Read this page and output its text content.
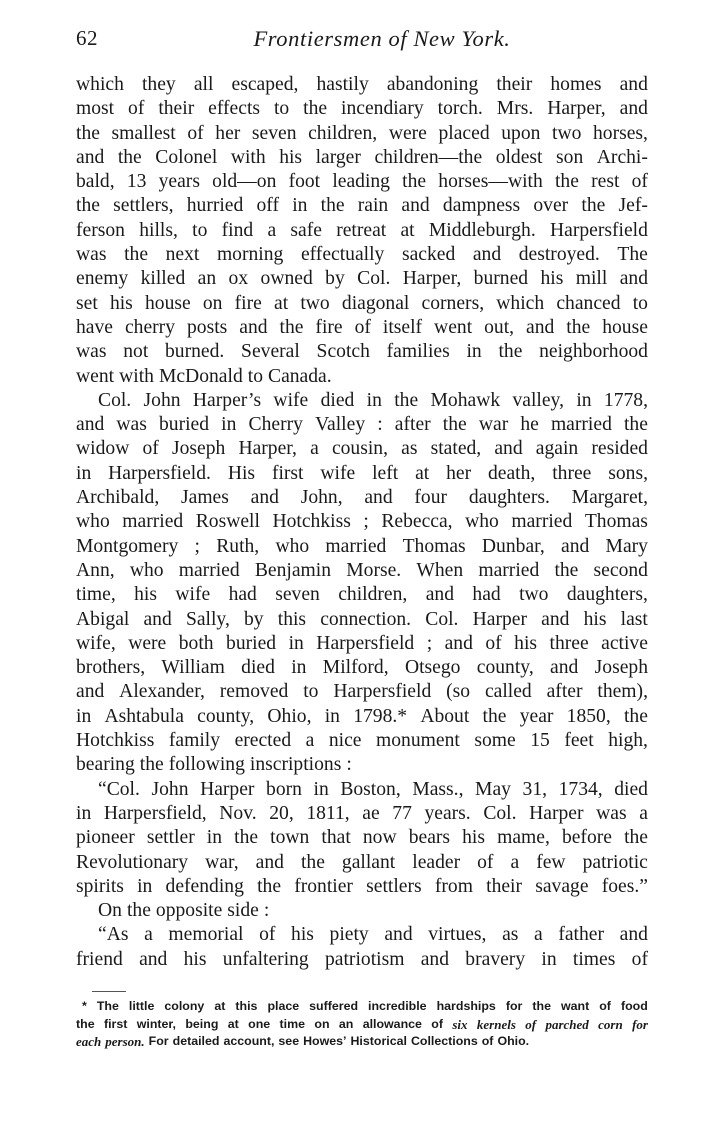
62	Frontiersmen of New York.
which they all escaped, hastily abandoning their homes and
most of their effects to the incendiary torch. Mrs. Harper, and
the smallest of her seven children, were placed upon two horses,
and the Colonel with his larger children—the oldest son Archi-
bald, 13 years old—on foot leading the horses—with the rest of
the settlers, hurried off in the rain and dampness over the Jef-
ferson hills, to find a safe retreat at Middleburgh. Harpersfield
was the next morning effectually sacked and destroyed. The
enemy killed an ox owned by Col. Harper, burned his mill and
set his house on fire at two diagonal corners, which chanced to
have cherry posts and the fire of itself went out, and the house
was not burned. Several Scotch families in the neighborhood
went with McDonald to Canada.
Col. John Harper’s wife died in the Mohawk valley, in 1778,
and was buried in Cherry Valley : after the war he married the
widow of Joseph Harper, a cousin, as stated, and again resided
in Harpersfield. His first wife left at her death, three sons,
Archibald, James and John, and four daughters. Margaret,
who married Roswell Hotchkiss ; Rebecca, who married Thomas
Montgomery ; Ruth, who married Thomas Dunbar, and Mary
Ann, who married Benjamin Morse. When married the second
time, his wife had seven children, and had two daughters,
Abigal and Sally, by this connection. Col. Harper and his last
wife, were both buried in Harpersfield ; and of his three active
brothers, William died in Milford, Otsego county, and Joseph
and Alexander, removed to Harpersfield (so called after them),
in Ashtabula county, Ohio, in 1798.* About the year 1850, the
Hotchkiss family erected a nice monument some 15 feet high,
bearing the following inscriptions :
“Col. John Harper born in Boston, Mass., May 31, 1734, died
in Harpersfield, Nov. 20, 1811, ae 77 years. Col. Harper was a
pioneer settler in the town that now bears his mame, before the
Revolutionary war, and the gallant leader of a few patriotic
spirits in defending the frontier settlers from their savage foes.”
On the opposite side :
“As a memorial of his piety and virtues, as a father and
friend and his unfaltering patriotism and bravery in times of
* The little colony at this place suffered incredible hardships for the want of food
the first winter, being at one time on an allowance of six kernels of parched corn for
each person. For detailed account, see Howes’ Historical Collections of Ohio.
